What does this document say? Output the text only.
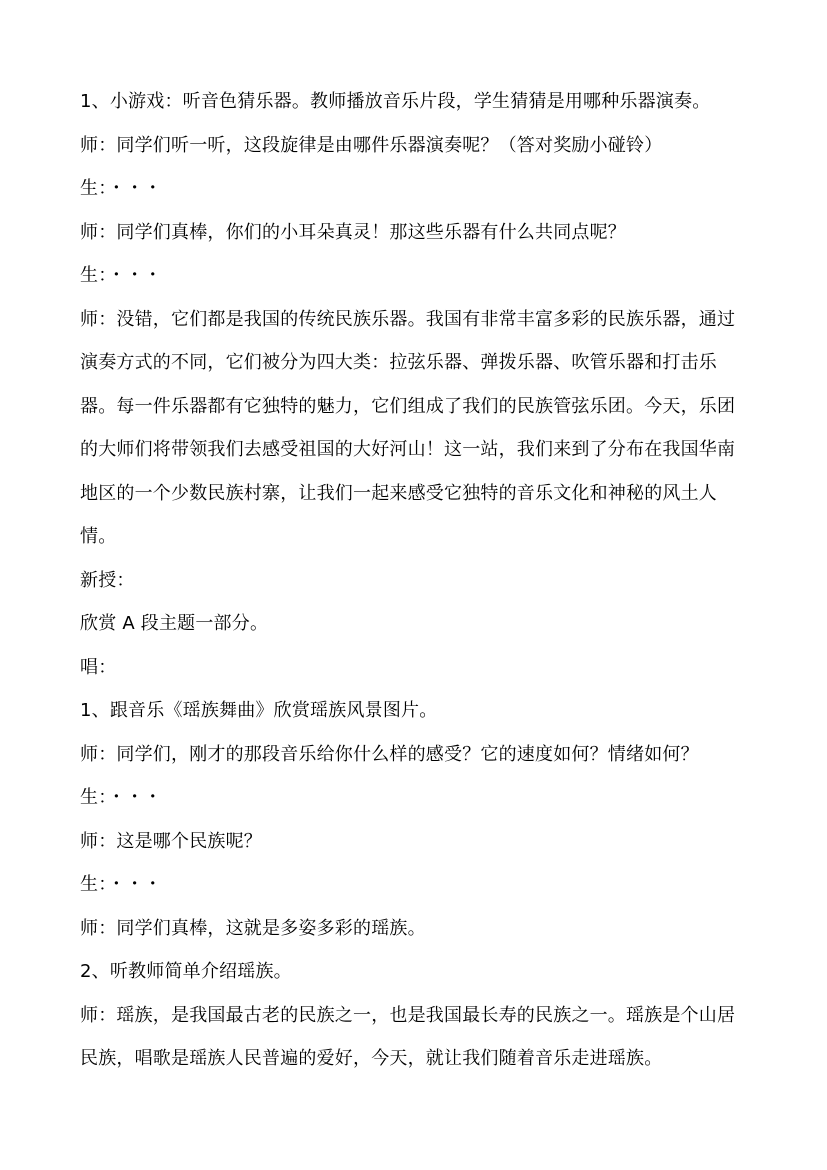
1、小游戏：听音色猜乐器。教师播放音乐片段，学生猜猜是用哪种乐器演奏。

师：同学们听一听，这段旋律是由哪件乐器演奏呢？（答对奖励小碰铃）

生：・・・

师：同学们真棒，你们的小耳朵真灵！那这些乐器有什么共同点呢？

生：・・・

师：没错，它们都是我国的传统民族乐器。我国有非常丰富多彩的民族乐器，通过演奏方式的不同，它们被分为四大类：拉弦乐器、弹拨乐器、吹管乐器和打击乐器。每一件乐器都有它独特的魅力，它们组成了我们的民族管弦乐团。今天，乐团的大师们将带领我们去感受祖国的大好河山！这一站，我们来到了分布在我国华南地区的一个少数民族村寨，让我们一起来感受它独特的音乐文化和神秘的风土人情。

新授：

欣赏 A 段主题一部分。

唱：

1、跟音乐《瑶族舞曲》欣赏瑶族风景图片。

师：同学们，刚才的那段音乐给你什么样的感受？它的速度如何？情绪如何？

生：・・・

师：这是哪个民族呢？

生：・・・

师：同学们真棒，这就是多姿多彩的瑶族。

2、听教师简单介绍瑶族。

师：瑶族，是我国最古老的民族之一，也是我国最长寿的民族之一。瑶族是个山居民族，唱歌是瑶族人民普遍的爱好，今天，就让我们随着音乐走进瑶族。
